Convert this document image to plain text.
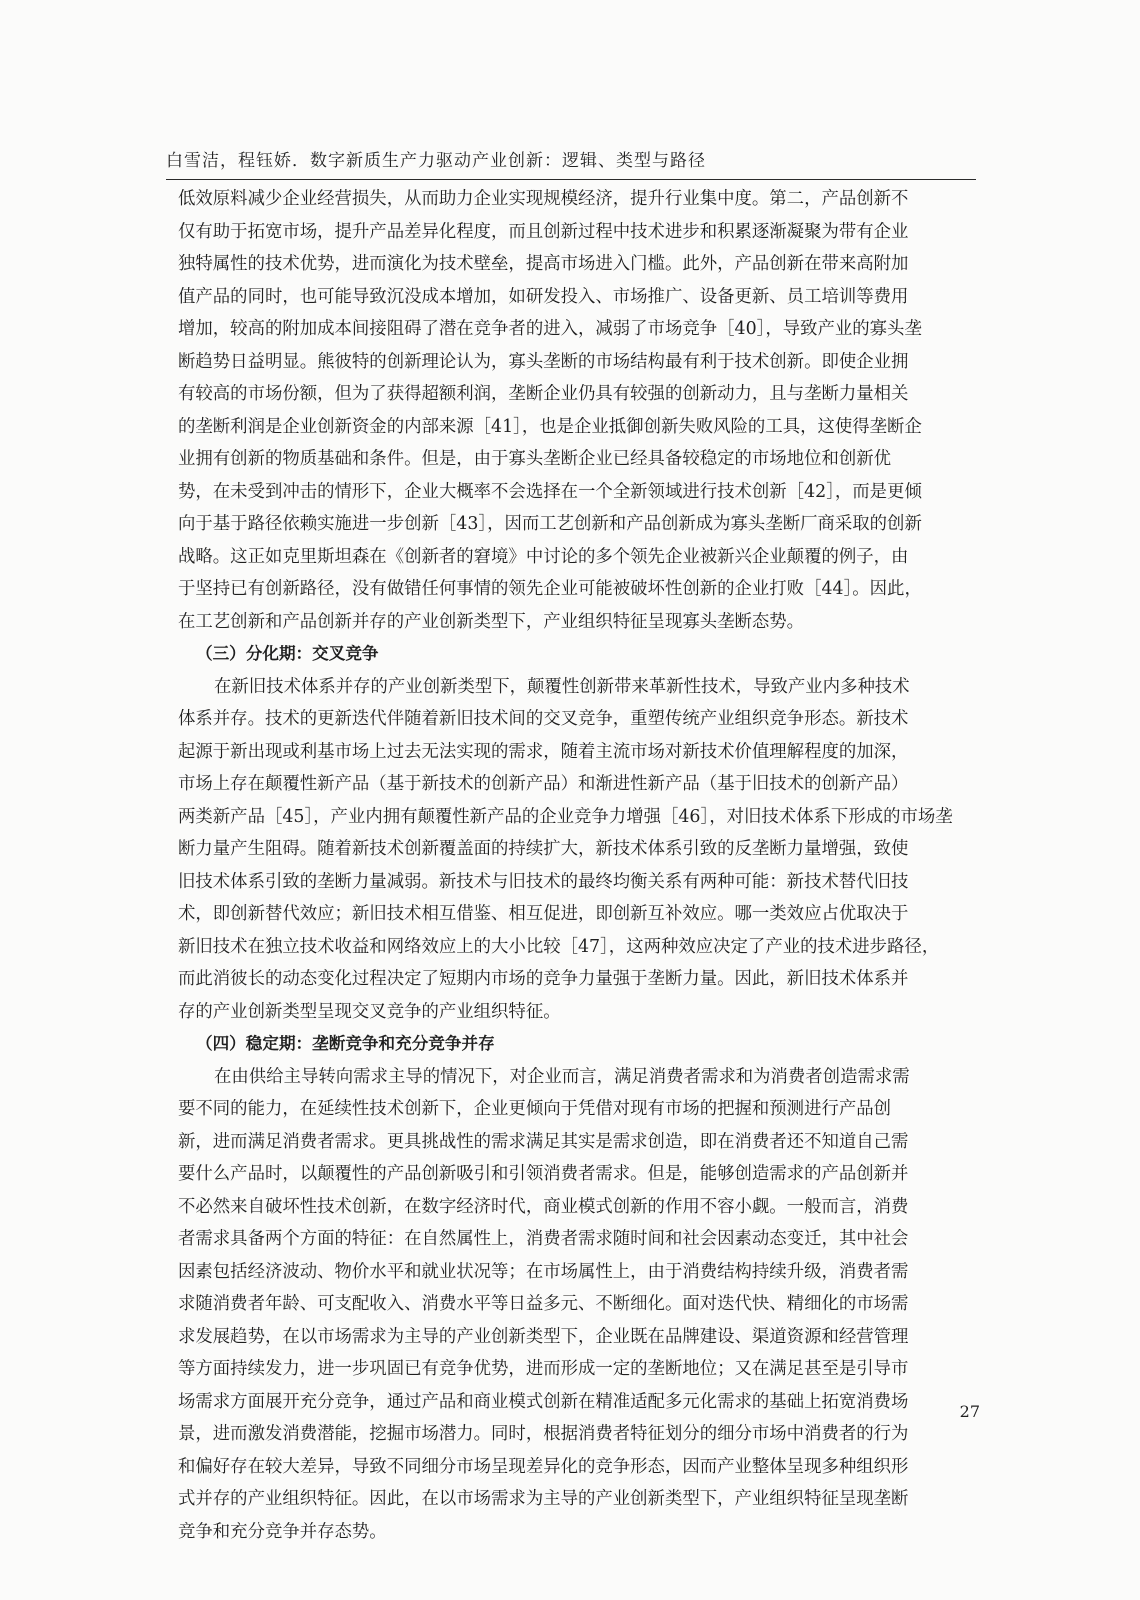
白雪洁，程钰娇．数字新质生产力驱动产业创新：逻辑、类型与路径
低效原料减少企业经营损失，从而助力企业实现规模经济，提升行业集中度。第二，产品创新不
仅有助于拓宽市场，提升产品差异化程度，而且创新过程中技术进步和积累逐渐凝聚为带有企业
独特属性的技术优势，进而演化为技术壁垒，提高市场进入门槛。此外，产品创新在带来高附加
值产品的同时，也可能导致沉没成本增加，如研发投入、市场推广、设备更新、员工培训等费用
增加，较高的附加成本间接阻碍了潜在竞争者的进入，减弱了市场竞争［40］，导致产业的寡头垄
断趋势日益明显。熊彼特的创新理论认为，寡头垄断的市场结构最有利于技术创新。即使企业拥
有较高的市场份额，但为了获得超额利润，垄断企业仍具有较强的创新动力，且与垄断力量相关
的垄断利润是企业创新资金的内部来源［41］，也是企业抵御创新失败风险的工具，这使得垄断企
业拥有创新的物质基础和条件。但是，由于寡头垄断企业已经具备较稳定的市场地位和创新优
势，在未受到冲击的情形下，企业大概率不会选择在一个全新领域进行技术创新［42］，而是更倾
向于基于路径依赖实施进一步创新［43］，因而工艺创新和产品创新成为寡头垄断厂商采取的创新
战略。这正如克里斯坦森在《创新者的窘境》中讨论的多个领先企业被新兴企业颠覆的例子，由
于坚持已有创新路径，没有做错任何事情的领先企业可能被破坏性创新的企业打败［44］。因此，
在工艺创新和产品创新并存的产业创新类型下，产业组织特征呈现寡头垄断态势。
（三）分化期：交叉竞争
在新旧技术体系并存的产业创新类型下，颠覆性创新带来革新性技术，导致产业内多种技术
体系并存。技术的更新迭代伴随着新旧技术间的交叉竞争，重塑传统产业组织竞争形态。新技术
起源于新出现或利基市场上过去无法实现的需求，随着主流市场对新技术价值理解程度的加深，
市场上存在颠覆性新产品（基于新技术的创新产品）和渐进性新产品（基于旧技术的创新产品）
两类新产品［45］，产业内拥有颠覆性新产品的企业竞争力增强［46］，对旧技术体系下形成的市场垄
断力量产生阻碍。随着新技术创新覆盖面的持续扩大，新技术体系引致的反垄断力量增强，致使
旧技术体系引致的垄断力量减弱。新技术与旧技术的最终均衡关系有两种可能：新技术替代旧技
术，即创新替代效应；新旧技术相互借鉴、相互促进，即创新互补效应。哪一类效应占优取决于
新旧技术在独立技术收益和网络效应上的大小比较［47］，这两种效应决定了产业的技术进步路径，
而此消彼长的动态变化过程决定了短期内市场的竞争力量强于垄断力量。因此，新旧技术体系并
存的产业创新类型呈现交叉竞争的产业组织特征。
（四）稳定期：垄断竞争和充分竞争并存
在由供给主导转向需求主导的情况下，对企业而言，满足消费者需求和为消费者创造需求需
要不同的能力，在延续性技术创新下，企业更倾向于凭借对现有市场的把握和预测进行产品创
新，进而满足消费者需求。更具挑战性的需求满足其实是需求创造，即在消费者还不知道自己需
要什么产品时，以颠覆性的产品创新吸引和引领消费者需求。但是，能够创造需求的产品创新并
不必然来自破坏性技术创新，在数字经济时代，商业模式创新的作用不容小觑。一般而言，消费
者需求具备两个方面的特征：在自然属性上，消费者需求随时间和社会因素动态变迁，其中社会
因素包括经济波动、物价水平和就业状况等；在市场属性上，由于消费结构持续升级，消费者需
求随消费者年龄、可支配收入、消费水平等日益多元、不断细化。面对迭代快、精细化的市场需
求发展趋势，在以市场需求为主导的产业创新类型下，企业既在品牌建设、渠道资源和经营管理
等方面持续发力，进一步巩固已有竞争优势，进而形成一定的垄断地位；又在满足甚至是引导市
场需求方面展开充分竞争，通过产品和商业模式创新在精准适配多元化需求的基础上拓宽消费场
景，进而激发消费潜能，挖掘市场潜力。同时，根据消费者特征划分的细分市场中消费者的行为
和偏好存在较大差异，导致不同细分市场呈现差异化的竞争形态，因而产业整体呈现多种组织形
式并存的产业组织特征。因此，在以市场需求为主导的产业创新类型下，产业组织特征呈现垄断
竞争和充分竞争并存态势。
27
